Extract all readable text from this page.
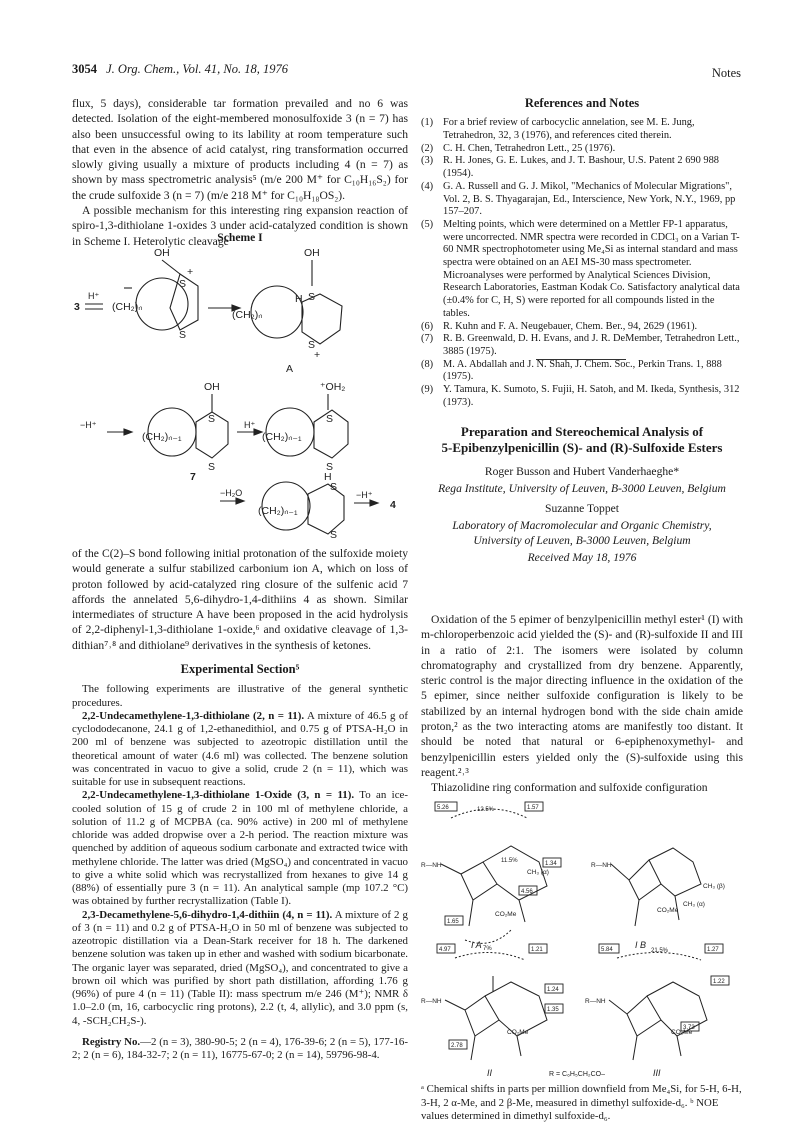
3054 J. Org. Chem., Vol. 41, No. 18, 1976	Notes

flux, 5 days), considerable tar formation prevailed and no 6 was detected. Isolation of the eight-membered monosulfoxide 3 (n = 7) has also been unsuccessful owing to its lability at room temperature such that even in the absence of acid catalyst, ring transformation occurred slowly giving usually a mixture of products including 4 (n = 7) as shown by mass spectrometric analysis⁵ (m/e 200 M⁺ for C₁₀H₁₆S₂) for the crude sulfoxide 3 (n = 7) (m/e 218 M⁺ for C₁₀H₁₈OS₂).

A possible mechanism for this interesting ring expansion reaction of spiro-1,3-dithiolane 1-oxides 3 under acid-catalyzed condition is shown in Scheme I. Heterolytic cleavage

Scheme I
3
H⁺
OH
(CH₂)ₙ
S
+
S
OH
(CH₂)ₙ
H S
S
+
A
OH
−H⁺
(CH₂)ₙ₋₁
S
S
7
H⁺
⁺OH₂
(CH₂)ₙ₋₁
S
S
H
−H₂O
(CH₂)ₙ₋₁
S
S
−H⁺
4

of the C(2)–S bond following initial protonation of the sulfoxide moiety would generate a sulfur stabilized carbonium ion A, which on loss of proton followed by acid-catalyzed ring closure of the sulfenic acid 7 affords the annelated 5,6-dihydro-1,4-dithiins 4 as shown. Similar intermediates of structure A have been proposed in the acid hydrolysis of 2,2-diphenyl-1,3-dithiolane 1-oxide,⁶ and oxidative cleavage of 1,3-dithian⁷˒⁸ and dithiolane⁹ derivatives in the synthesis of ketones.

Experimental Section⁵

The following experiments are illustrative of the general synthetic procedures.

2,2-Undecamethylene-1,3-dithiolane (2, n = 11). A mixture of 46.5 g of cyclododecanone, 24.1 g of 1,2-ethanedithiol, and 0.75 g of PTSA-H₂O in 200 ml of benzene was subjected to azeotropic distillation until the theoretical amount of water (4.6 ml) was collected. The benzene solution was concentrated in vacuo to give a solid, crude 2 (n = 11), which was suitable for use in subsequent reactions.

2,2-Undecamethylene-1,3-dithiolane 1-Oxide (3, n = 11). To an ice-cooled solution of 15 g of crude 2 in 100 ml of methylene chloride, a solution of 11.2 g of MCPBA (ca. 90% active) in 200 ml of methylene chloride was added dropwise over a 2-h period. The reaction mixture was quenched by addition of aqueous sodium carbonate and extracted twice with methylene chloride. The latter was dried (MgSO₄) and concentrated in vacuo to give a white solid which was recrystallized from hexanes to give 14 g (88%) of essentially pure 3 (n = 11). An analytical sample (mp 107.2 °C) was obtained by further recrystallization (Table I).

2,3-Decamethylene-5,6-dihydro-1,4-dithiin (4, n = 11). A mixture of 2 g of 3 (n = 11) and 0.2 g of PTSA-H₂O in 50 ml of benzene was subjected to azeotropic distillation via a Dean-Stark receiver for 18 h. The darkened benzene solution was taken up in ether and washed with sodium bicarbonate. The organic layer was separated, dried (MgSO₄), and concentrated to give a brown oil which was purified by short path distillation, affording 1.76 g (96%) of pure 4 (n = 11) (Table II): mass spectrum m/e 246 (M⁺); NMR δ 1.0–2.0 (m, 16, carbocyclic ring protons), 2.2 (t, 4, allylic), and 3.0 ppm (s, 4, -SCH₂CH₂S-).

Registry No.—2 (n = 3), 380-90-5; 2 (n = 4), 176-39-6; 2 (n = 5), 177-16-2; 2 (n = 6), 184-32-7; 2 (n = 11), 16775-67-0; 2 (n = 14), 59796-98-4.

References and Notes

(1) For a brief review of carbocyclic annelation, see M. E. Jung, Tetrahedron, 32, 3 (1976), and references cited therein.
(2) C. H. Chen, Tetrahedron Lett., 25 (1976).
(3) R. H. Jones, G. E. Lukes, and J. T. Bashour, U.S. Patent 2 690 988 (1954).
(4) G. A. Russell and G. J. Mikol, "Mechanics of Molecular Migrations", Vol. 2, B. S. Thyagarajan, Ed., Interscience, New York, N.Y., 1969, pp 157–207.
(5) Melting points, which were determined on a Mettler FP-1 apparatus, were uncorrected. NMR spectra were recorded in CDCl₃ on a Varian T-60 NMR spectrophotometer using Me₄Si as internal standard and mass spectra were obtained on an AEI MS-30 mass spectrometer. Microanalyses were performed by Analytical Sciences Division, Research Laboratories, Eastman Kodak Co. Satisfactory analytical data (±0.4% for C, H, S) were reported for all compounds listed in the tables.
(6) R. Kuhn and F. A. Neugebauer, Chem. Ber., 94, 2629 (1961).
(7) R. B. Greenwald, D. H. Evans, and J. R. DeMember, Tetrahedron Lett., 3885 (1975).
(8) M. A. Abdallah and J. N. Shah, J. Chem. Soc., Perkin Trans. 1, 888 (1975).
(9) Y. Tamura, K. Sumoto, S. Fujii, H. Satoh, and M. Ikeda, Synthesis, 312 (1973).
Preparation and Stereochemical Analysis of
5-Epibenzylpenicillin (S)- and (R)-Sulfoxide Esters
Roger Busson and Hubert Vanderhaeghe*
Rega Institute, University of Leuven, B-3000 Leuven, Belgium
Suzanne Toppet
Laboratory of Macromolecular and Organic Chemistry,
University of Leuven, B-3000 Leuven, Belgium
Received May 18, 1976

Oxidation of the 5 epimer of benzylpenicillin methyl ester¹ (I) with m-chloroperbenzoic acid yielded the (S)- and (R)-sulfoxide II and III in a ratio of 2:1. The isomers were isolated by column chromatography and crystallized from dry benzene. Apparently, steric control is the major directing influence in the oxidation of the 5 epimer, since neither sulfoxide configuration is likely to be stabilized by an internal hydrogen bond with the side chain amide proton,² as the two interacting atoms are manifestly too distant. It should be noted that natural or 6-epiphenoxymethyl- and benzylpenicillin esters yielded only the (S)-sulfoxide using this reagent.²˒³

Thiazolidine ring conformation and sulfoxide configuration

5.26	1.57
1.34
4.56
1.65
4.97	1.21
1.24
1.35
2.78
5.84	1.27
1.22
3.73
12.5%
11.5%
7%	21.5%
R—NH
CO₂Me
CH₃ (α)
R—NH
CO₂Me
CH₃ (β)
CH₃ (α)
R—NH
CO₂Me
R—NH
CO₂Me
I A	I B
II	III
R = C₆H₅CH₂CO–
ᵃ Chemical shifts in parts per million downfield from Me₄Si, for 5-H, 6-H, 3-H, 2 α-Me, and 2 β-Me, measured in dimethyl sulfoxide-d₆. ᵇ NOE values determined in dimethyl sulfoxide-d₆.
